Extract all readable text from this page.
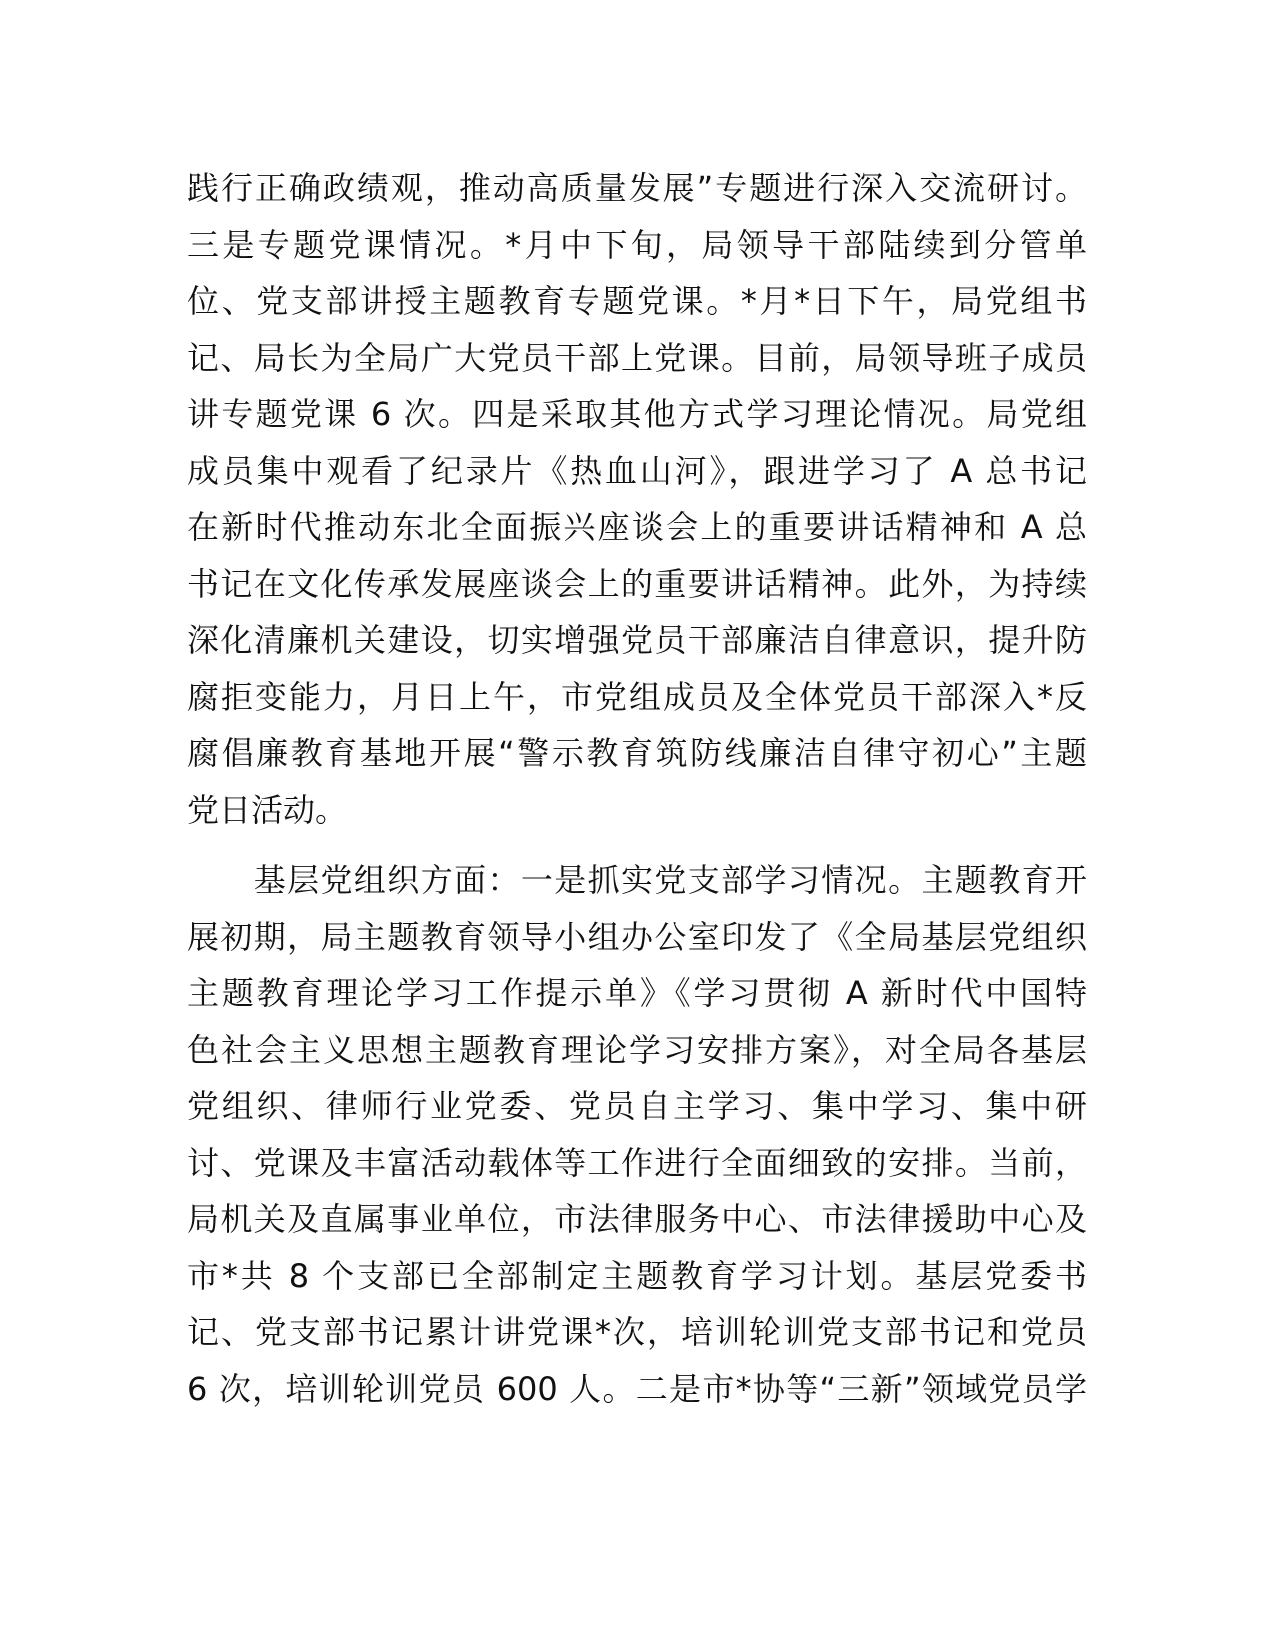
践行正确政绩观，推动高质量发展”专题进行深入交流研讨。
三是专题党课情况。*月中下旬，局领导干部陆续到分管单
位、党支部讲授主题教育专题党课。*月*日下午，局党组书
记、局长为全局广大党员干部上党课。目前，局领导班子成员
讲专题党课 6 次。四是采取其他方式学习理论情况。局党组
成员集中观看了纪录片《热血山河》，跟进学习了 A 总书记
在新时代推动东北全面振兴座谈会上的重要讲话精神和 A 总
书记在文化传承发展座谈会上的重要讲话精神。此外，为持续
深化清廉机关建设，切实增强党员干部廉洁自律意识，提升防
腐拒变能力，月日上午，市党组成员及全体党员干部深入*反
腐倡廉教育基地开展“警示教育筑防线廉洁自律守初心”主题
党日活动。
　　基层党组织方面：一是抓实党支部学习情况。主题教育开
展初期，局主题教育领导小组办公室印发了《全局基层党组织
主题教育理论学习工作提示单》《学习贯彻 A 新时代中国特
色社会主义思想主题教育理论学习安排方案》，对全局各基层
党组织、律师行业党委、党员自主学习、集中学习、集中研
讨、党课及丰富活动载体等工作进行全面细致的安排。当前，
局机关及直属事业单位，市法律服务中心、市法律援助中心及
市*共 8 个支部已全部制定主题教育学习计划。基层党委书
记、党支部书记累计讲党课*次，培训轮训党支部书记和党员
6 次，培训轮训党员 600 人。二是市*协等“三新”领域党员学
